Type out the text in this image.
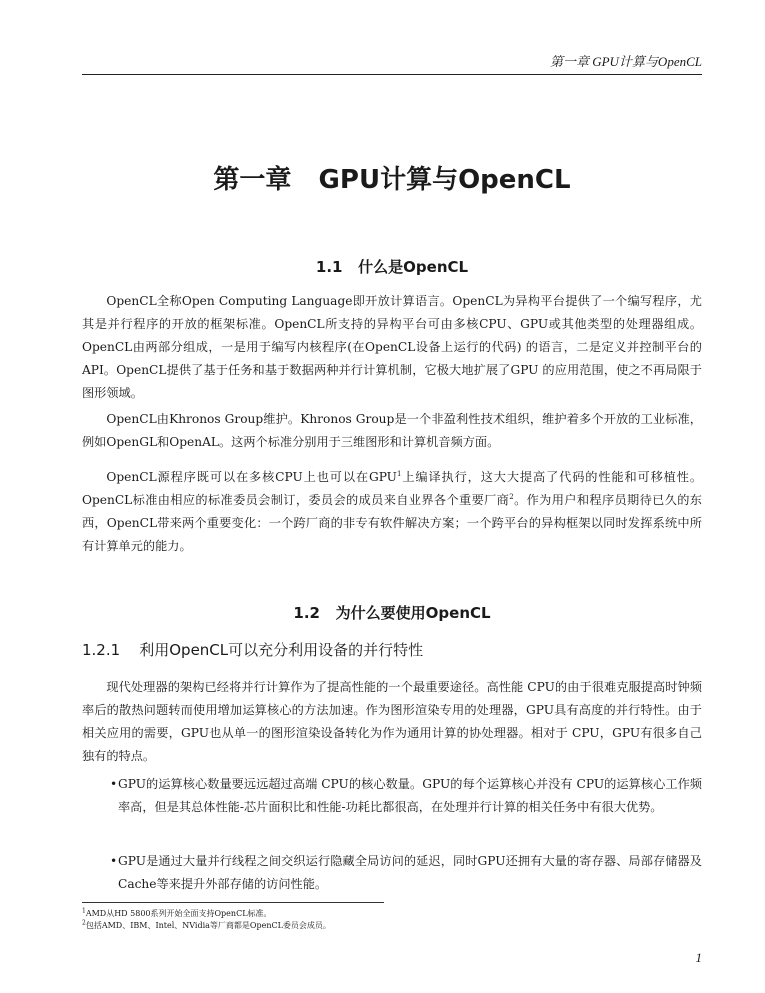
第一章 GPU计算与OpenCL
第一章   GPU计算与OpenCL
1.1   什么是OpenCL

OpenCL全称Open Computing Language即开放计算语言。OpenCL为异构平台提供了一个编写程序，尤其是并行程序的开放的框架标准。OpenCL所支持的异构平台可由多核CPU、GPU或其他类型的处理器组成。OpenCL由两部分组成，一是用于编写内核程序(在OpenCL设备上运行的代码) 的语言，二是定义并控制平台的API。OpenCL提供了基于任务和基于数据两种并行计算机制，它极大地扩展了GPU 的应用范围，使之不再局限于图形领域。

OpenCL由Khronos Group维护。Khronos Group是一个非盈利性技术组织，维护着多个开放的工业标准，例如OpenGL和OpenAL。这两个标准分别用于三维图形和计算机音频方面。

OpenCL源程序既可以在多核CPU上也可以在GPU$^1$上编译执行，这大大提高了代码的性能和可移植性。OpenCL标准由相应的标准委员会制订，委员会的成员来自业界各个重要厂商$^2$。作为用户和程序员期待已久的东西，OpenCL带来两个重要变化：一个跨厂商的非专有软件解决方案；一个跨平台的异构框架以同时发挥系统中所有计算单元的能力。

1.2   为什么要使用OpenCL
1.2.1    利用OpenCL可以充分利用设备的并行特性

现代处理器的架构已经将并行计算作为了提高性能的一个最重要途径。高性能 CPU的由于很难克服提高时钟频率后的散热问题转而使用增加运算核心的方法加速。作为图形渲染专用的处理器，GPU具有高度的并行特性。由于相关应用的需要，GPU也从单一的图形渲染设备转化为作为通用计算的协处理器。相对于 CPU，GPU有很多自己独有的特点。

• GPU的运算核心数量要远远超过高端 CPU的核心数量。GPU的每个运算核心并没有 CPU的运算核心工作频率高，但是其总体性能-芯片面积比和性能-功耗比都很高，在处理并行计算的相关任务中有很大优势。
• GPU是通过大量并行线程之间交织运行隐藏全局访问的延迟，同时GPU还拥有大量的寄存器、局部存储器及Cache等来提升外部存储的访问性能。
$^1$AMD从HD 5800系列开始全面支持OpenCL标准。
$^2$包括AMD、IBM、Intel、NVidia等厂商都是OpenCL委员会成员。
1
